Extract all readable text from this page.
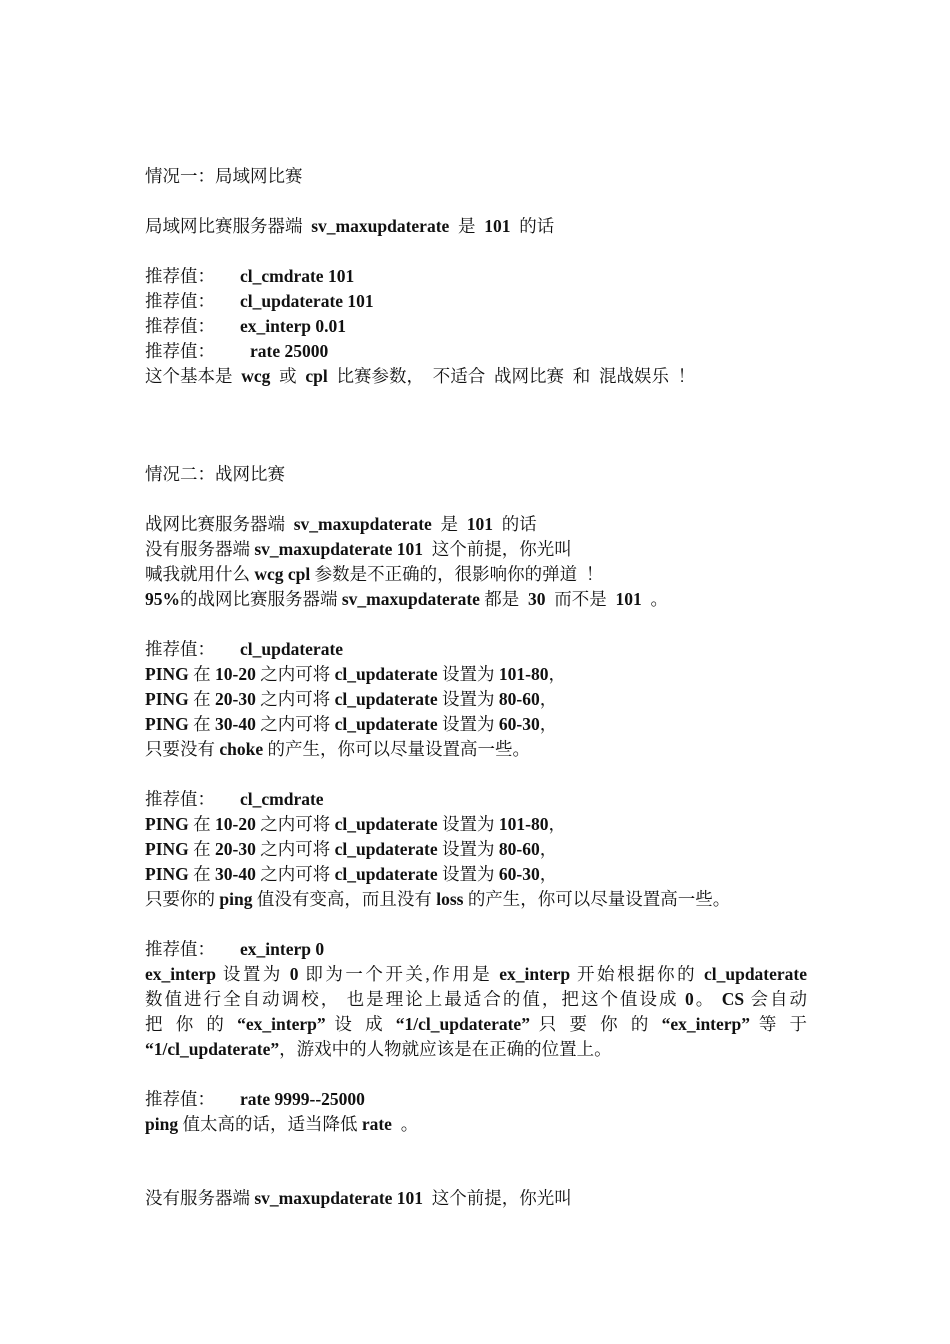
情况一：局域网比赛
局域网比赛服务器端  sv_maxupdaterate  是  101  的话
推荐值： cl_cmdrate 101
推荐值： cl_updaterate 101
推荐值： ex_interp 0.01
推荐值： rate 25000
这个基本是  wcg  或  cpl  比赛参数，  不适合  战网比赛  和  混战娱乐  ！
情况二：战网比赛
战网比赛服务器端  sv_maxupdaterate  是  101  的话
没有服务器端 sv_maxupdaterate 101  这个前提，你光叫
喊我就用什么 wcg cpl 参数是不正确的，很影响你的弹道  ！
95%的战网比赛服务器端 sv_maxupdaterate 都是  30  而不是  101  。
推荐值： cl_updaterate
PING 在 10-20 之内可将 cl_updaterate 设置为 101-80，
PING 在 20-30 之内可将 cl_updaterate 设置为 80-60，
PING 在 30-40 之内可将 cl_updaterate 设置为 60-30，
只要没有 choke 的产生，你可以尽量设置高一些。
推荐值： cl_cmdrate
PING 在 10-20 之内可将 cl_updaterate 设置为 101-80，
PING 在 20-30 之内可将 cl_updaterate 设置为 80-60，
PING 在 30-40 之内可将 cl_updaterate 设置为 60-30，
只要你的 ping 值没有变高，而且没有 loss 的产生，你可以尽量设置高一些。
推荐值： ex_interp 0
ex_interp 设置为 0 即为一个开关,作用是 ex_interp 开始根据你的 cl_updaterate
数值进行全自动调校， 也是理论上最适合的值，把这个值设成 0。 CS 会自动
把 你 的 “ex_interp” 设 成 “1/cl_updaterate” 只 要 你 的 “ex_interp” 等 于
“1/cl_updaterate”，游戏中的人物就应该是在正确的位置上。
推荐值： rate 9999--25000
ping 值太高的话，适当降低 rate  。
没有服务器端 sv_maxupdaterate 101  这个前提，你光叫
